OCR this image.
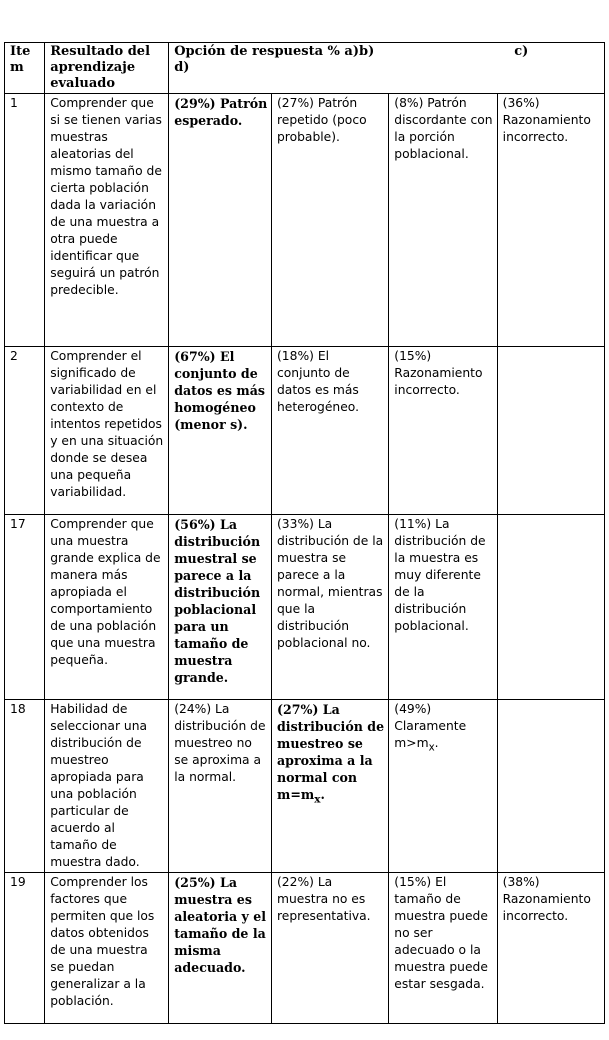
Item	Resultado del aprendizaje evaluado	Opción de respuesta % a)b) c)
d)			
1	Comprender que si se tienen varias muestras aleatorias del mismo tamaño de cierta población dada la variación de una muestra a otra puede identificar que seguirá un patrón predecible.	(29%) Patrón esperado.	(27%) Patrón repetido (poco probable).	(8%) Patrón discordante con la porción poblacional.	(36%) Razonamiento incorrecto.
2	Comprender el significado de variabilidad en el contexto de intentos repetidos y en una situación donde se desea una pequeña variabilidad.	(67%) El conjunto de datos es más homogéneo (menor s).	(18%) El conjunto de datos es más heterogéneo.	(15%) Razonamiento incorrecto.	
17	Comprender que una muestra grande explica de manera más apropiada el comportamiento de una población que una muestra pequeña.	(56%) La distribución muestral se parece a la distribución poblacional para un tamaño de muestra grande.	(33%) La distribución de la muestra se parece a la normal, mientras que la distribución poblacional no.	(11%) La distribución de la muestra es muy diferente de la distribución poblacional.	
18	Habilidad de seleccionar una distribución de muestreo apropiada para una población particular de acuerdo al tamaño de muestra dado.	(24%) La distribución de muestreo no se aproxima a la normal.	(27%) La distribución de muestreo se aproxima a la normal con $m=m_x$.	(49%) Claramente $m>m_x$.	
19	Comprender los factores que permiten que los datos obtenidos de una muestra se puedan generalizar a la población.	(25%) La muestra es aleatoria y el tamaño de la misma adecuado.	(22%) La muestra no es representativa.	(15%) El tamaño de muestra puede no ser adecuado o la muestra puede estar sesgada.	(38%) Razonamiento incorrecto.
